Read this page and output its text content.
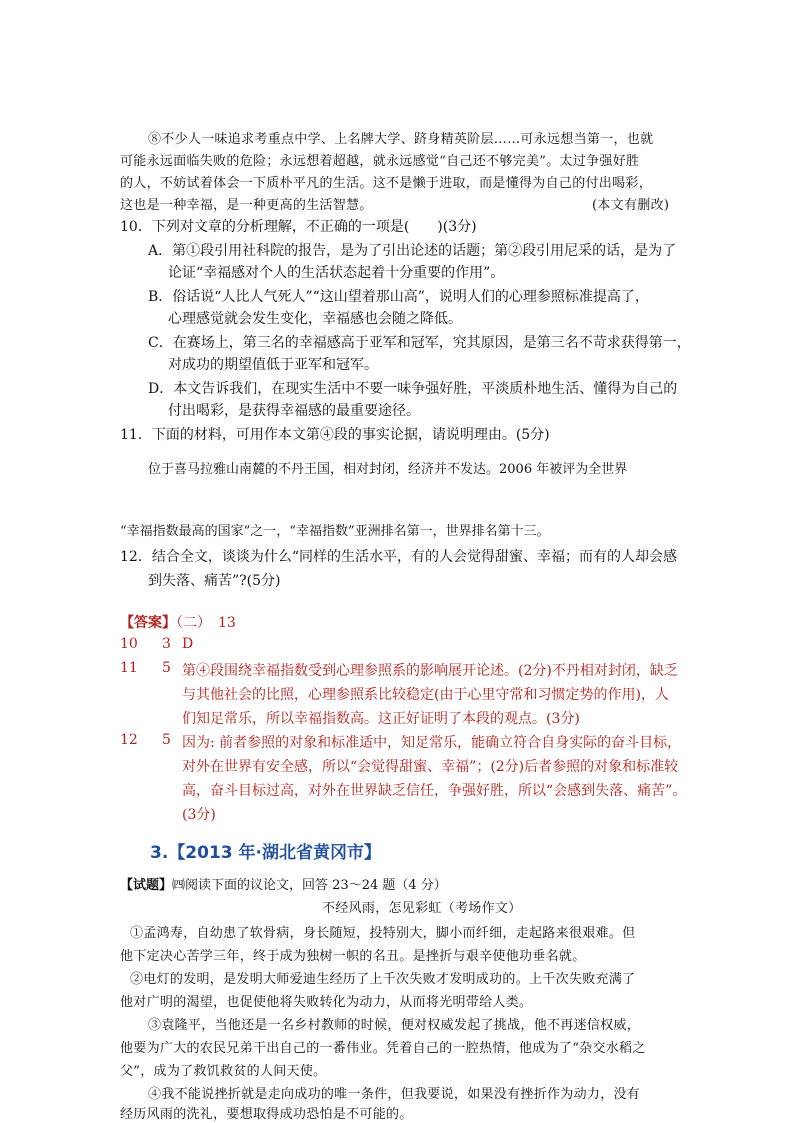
⑧不少人一味追求考重点中学、上名牌大学、跻身精英阶层……可永远想当第一，也就
可能永远面临失败的危险；永远想着超越，就永远感觉“自己还不够完美”。太过争强好胜
的人，不妨试着体会一下质朴平凡的生活。这不是懒于进取，而是懂得为自己的付出喝彩，
这也是一种幸福，是一种更高的生活智慧。	(本文有删改)
10．下列对文章的分析理解，不正确的一项是(　　)(3分)
A．第①段引用社科院的报告，是为了引出论述的话题；第②段引用尼采的话，是为了
论证“幸福感对个人的生活状态起着十分重要的作用”。
B．俗话说“人比人气死人”“这山望着那山高”，说明人们的心理参照标准提高了，
心理感觉就会发生变化，幸福感也会随之降低。
C．在赛场上，第三名的幸福感高于亚军和冠军，究其原因，是第三名不苛求获得第一，
对成功的期望值低于亚军和冠军。
D．本文告诉我们，在现实生活中不要一味争强好胜，平淡质朴地生活、懂得为自己的
付出喝彩，是获得幸福感的最重要途径。
11．下面的材料，可用作本文第④段的事实论据，请说明理由。(5分)
位于喜马拉雅山南麓的不丹王国，相对封闭，经济并不发达。2006 年被评为全世界
“幸福指数最高的国家”之一，“幸福指数”亚洲排名第一，世界排名第十三。
12．结合全文，谈谈为什么“同样的生活水平，有的人会觉得甜蜜、幸福；而有的人却会感
到失落、痛苦”?(5分)
【答案】（二）　13
10 3 D
11 5 第④段围绕幸福指数受到心理参照系的影响展开论述。(2分)不丹相对封闭，缺乏
与其他社会的比照，心理参照系比较稳定(由于心里守常和习惯定势的作用)，人
们知足常乐，所以幸福指数高。这正好证明了本段的观点。(3分)
12 5 因为: 前者参照的对象和标准适中，知足常乐，能确立符合自身实际的奋斗目标，
对外在世界有安全感，所以“会觉得甜蜜、幸福”；(2分)后者参照的对象和标准较
高，奋斗目标过高，对外在世界缺乏信任，争强好胜，所以“会感到失落、痛苦”。
(3分)
3.【2013 年·湖北省黄冈市】
【试题】㈣阅读下面的议论文，回答 23～24 题（4 分）
不经风雨，怎见彩虹（考场作文）
①孟鸿寿，自幼患了软骨病，身长随短，投特别大，脚小而纤细，走起路来很艰难。但
他下定决心苦学三年，终于成为独树一帜的名丑。是挫折与艰辛使他功垂名就。
②电灯的发明，是发明大师爱迪生经历了上千次失败才发明成功的。上千次失败充满了
他对广明的渴望，也促使他将失败转化为动力，从而将光明带给人类。
③袁隆平，当他还是一名乡村教师的时候，便对权威发起了挑战，他不再迷信权威，
他要为广大的农民兄弟干出自己的一番伟业。凭着自己的一腔热情，他成为了“杂交水稻之
父”，成为了救饥救贫的人间天使。
④我不能说挫折就是走向成功的唯一条件，但我要说，如果没有挫折作为动力，没有
经历风雨的洗礼，要想取得成功恐怕是不可能的。
